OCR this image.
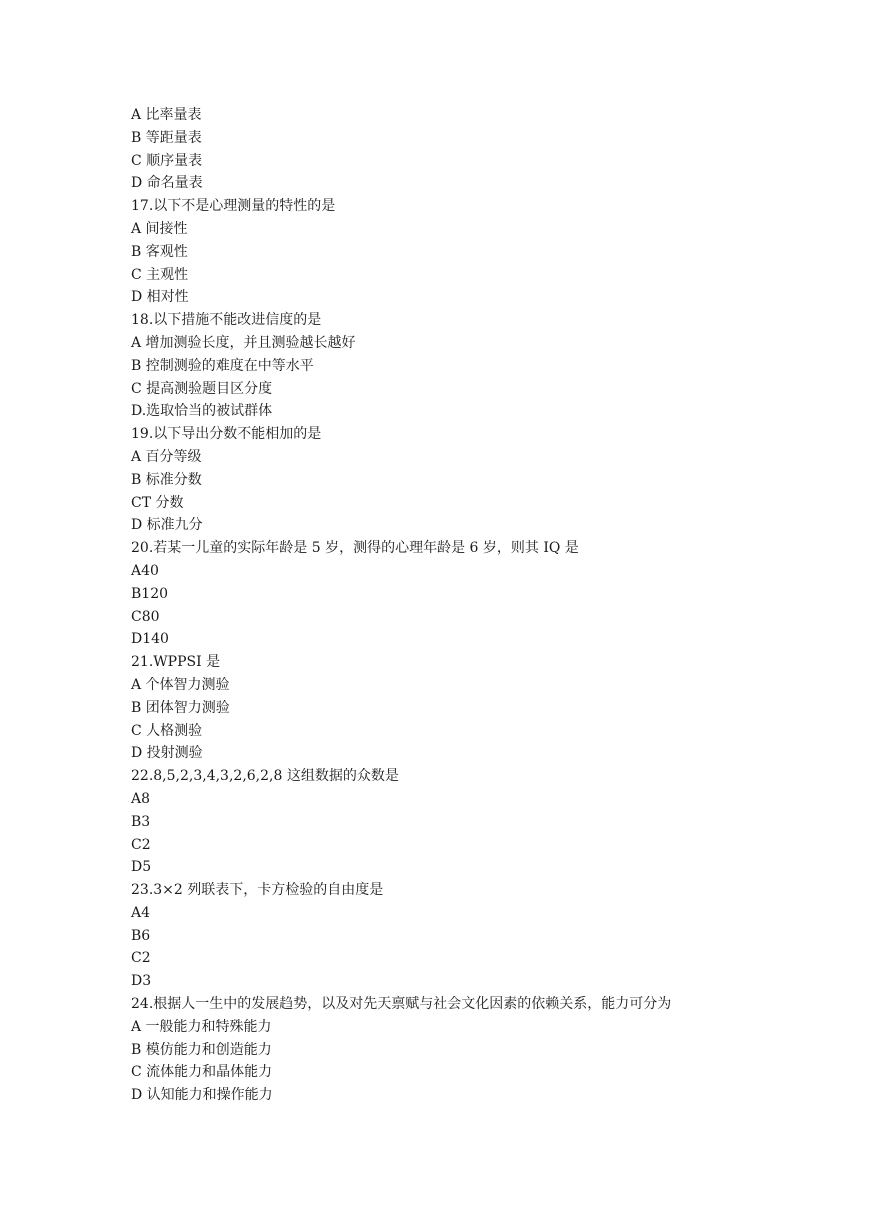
A 比率量表
B 等距量表
C 顺序量表
D 命名量表
17.以下不是心理测量的特性的是
A 间接性
B 客观性
C 主观性
D 相对性
18.以下措施不能改进信度的是
A 增加测验长度，并且测验越长越好
B 控制测验的难度在中等水平
C 提高测验题目区分度
D.选取恰当的被试群体
19.以下导出分数不能相加的是
A 百分等级
B 标准分数
CT 分数
D 标准九分
20.若某一儿童的实际年龄是 5 岁，测得的心理年龄是 6 岁，则其 IQ 是
A40
B120
C80
D140
21.WPPSI 是
A 个体智力测验
B 团体智力测验
C 人格测验
D 投射测验
22.8,5,2,3,4,3,2,6,2,8 这组数据的众数是
A8
B3
C2
D5
23.3×2 列联表下，卡方检验的自由度是
A4
B6
C2
D3
24.根据人一生中的发展趋势，以及对先天禀赋与社会文化因素的依赖关系，能力可分为
A 一般能力和特殊能力
B 模仿能力和创造能力
C 流体能力和晶体能力
D 认知能力和操作能力
